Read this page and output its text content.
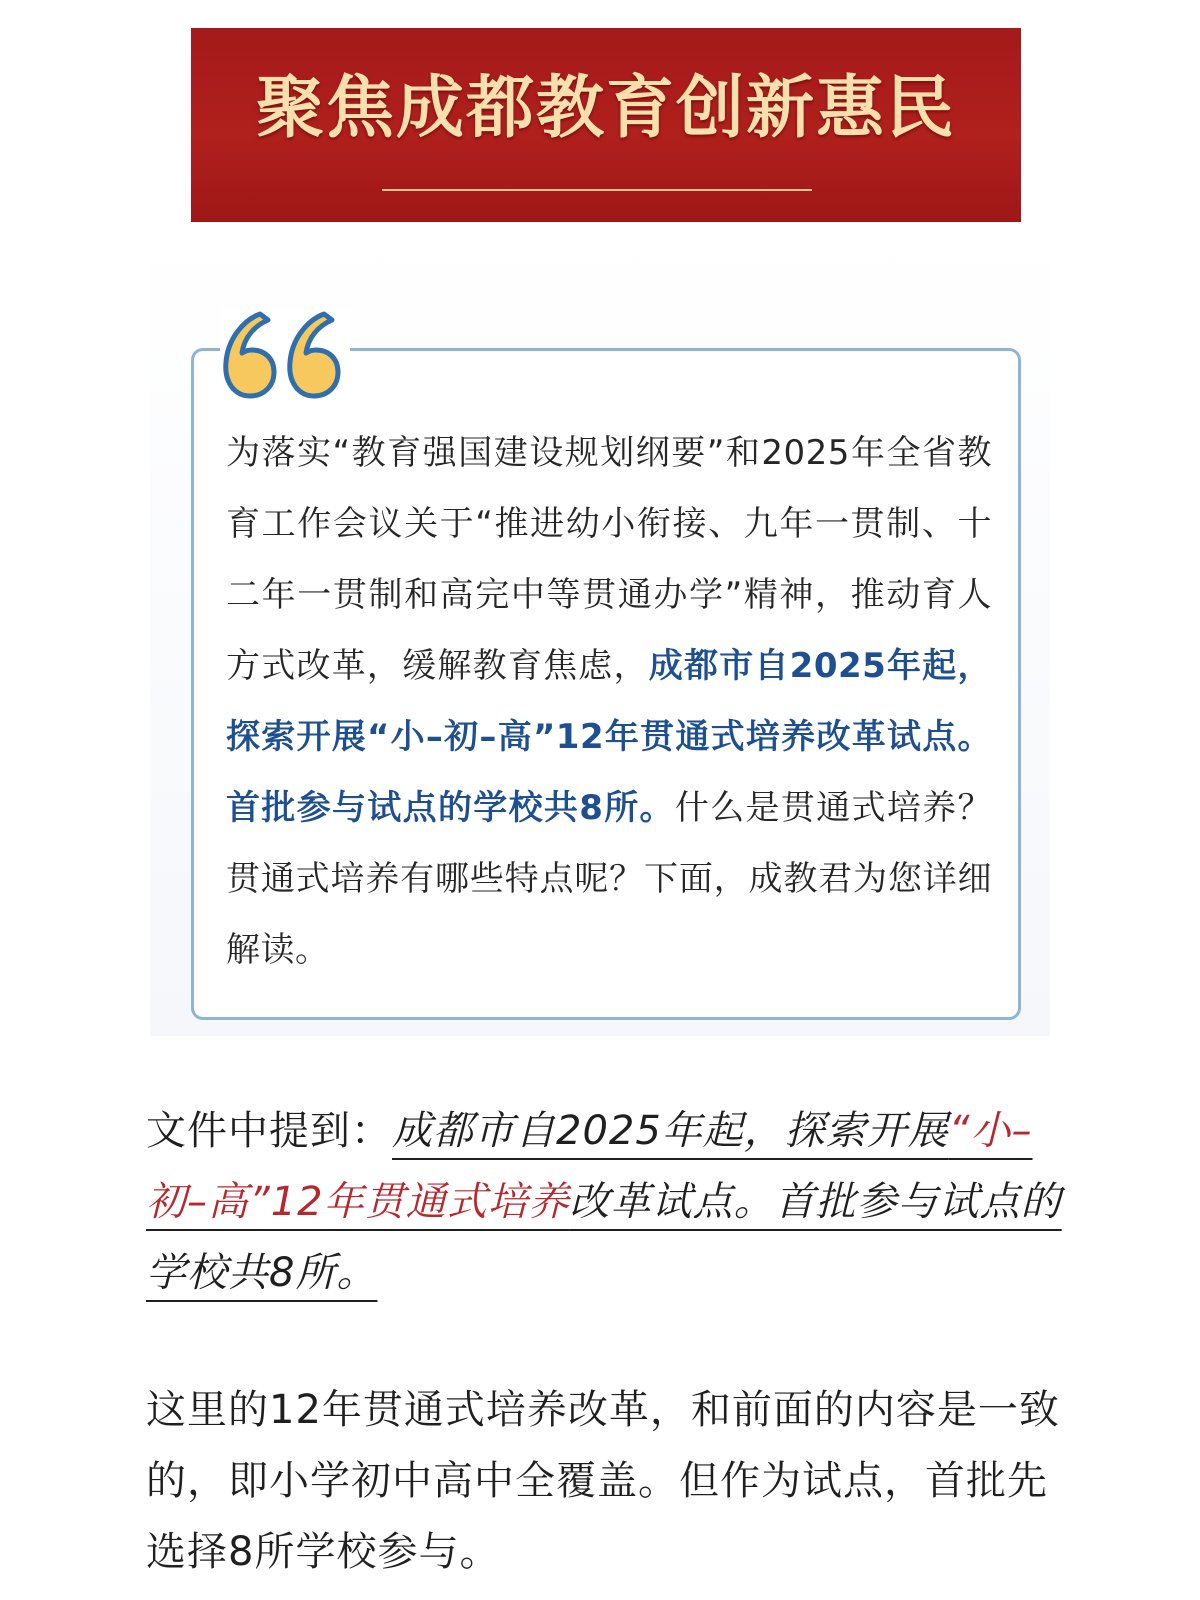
聚焦成都教育创新惠民
为落实“教育强国建设规划纲要”和2025年全省教育工作会议关于“推进幼小衔接、九年一贯制、十二年一贯制和高完中等贯通办学”精神，推动育人方式改革，缓解教育焦虑，成都市自2025年起，探索开展“小–初–高”12年贯通式培养改革试点。首批参与试点的学校共8所。什么是贯通式培养？贯通式培养有哪些特点呢？下面，成教君为您详细解读。
文件中提到：成都市自2025年起，探索开展“小–初–高”12年贯通式培养改革试点。首批参与试点的学校共8所。
这里的12年贯通式培养改革，和前面的内容是一致的，即小学初中高中全覆盖。但作为试点，首批先选择8所学校参与。
